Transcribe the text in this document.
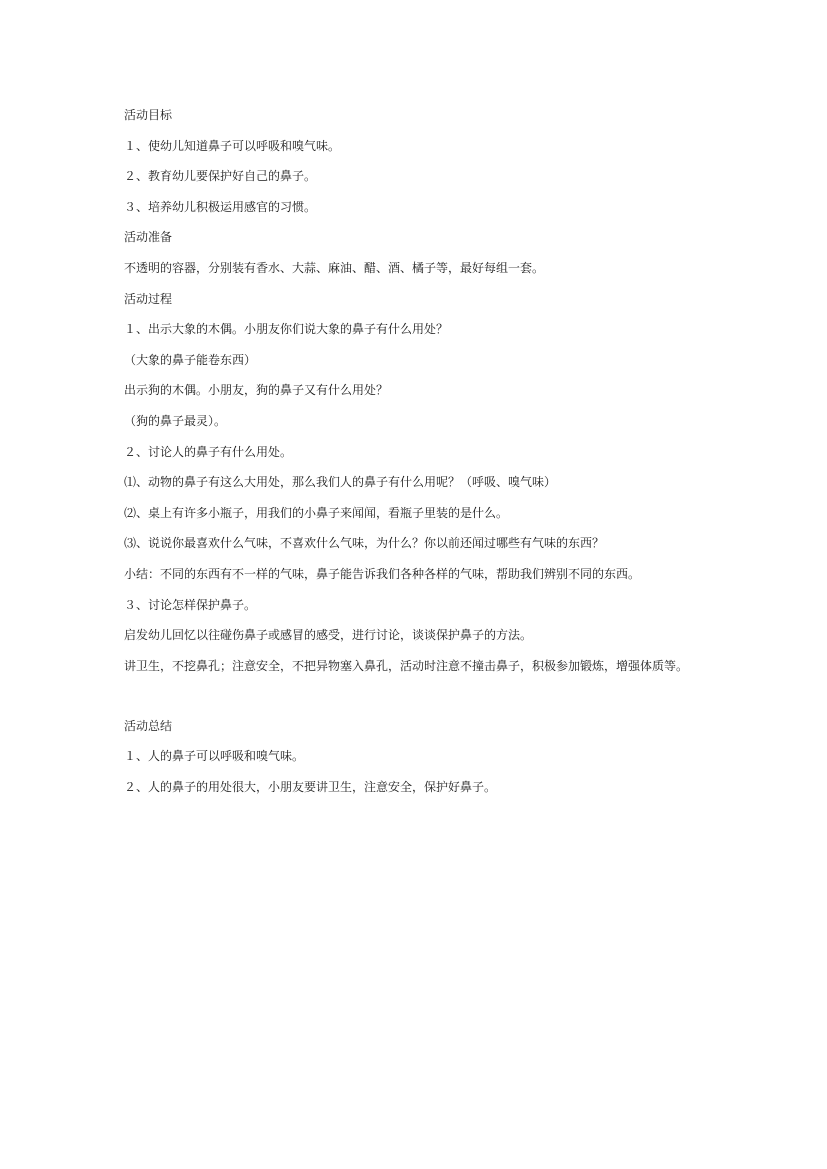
活动目标
１、使幼儿知道鼻子可以呼吸和嗅气味。
２、教育幼儿要保护好自己的鼻子。
３、培养幼儿积极运用感官的习惯。
活动准备
不透明的容器，分别装有香水、大蒜、麻油、醋、酒、橘子等，最好每组一套。
活动过程
１、出示大象的木偶。小朋友你们说大象的鼻子有什么用处？
（大象的鼻子能卷东西）
出示狗的木偶。小朋友，狗的鼻子又有什么用处？
（狗的鼻子最灵）。
２、讨论人的鼻子有什么用处。
⑴、动物的鼻子有这么大用处，那么我们人的鼻子有什么用呢？（呼吸、嗅气味）
⑵、桌上有许多小瓶子，用我们的小鼻子来闻闻，看瓶子里装的是什么。
⑶、说说你最喜欢什么气味，不喜欢什么气味，为什么？你以前还闻过哪些有气味的东西？
小结：不同的东西有不一样的气味，鼻子能告诉我们各种各样的气味，帮助我们辨别不同的东西。
３、讨论怎样保护鼻子。
启发幼儿回忆以往碰伤鼻子或感冒的感受，进行讨论，谈谈保护鼻子的方法。
讲卫生，不挖鼻孔；注意安全，不把异物塞入鼻孔，活动时注意不撞击鼻子，积极参加锻炼，增强体质等。
活动总结
１、人的鼻子可以呼吸和嗅气味。
２、人的鼻子的用处很大，小朋友要讲卫生，注意安全，保护好鼻子。
